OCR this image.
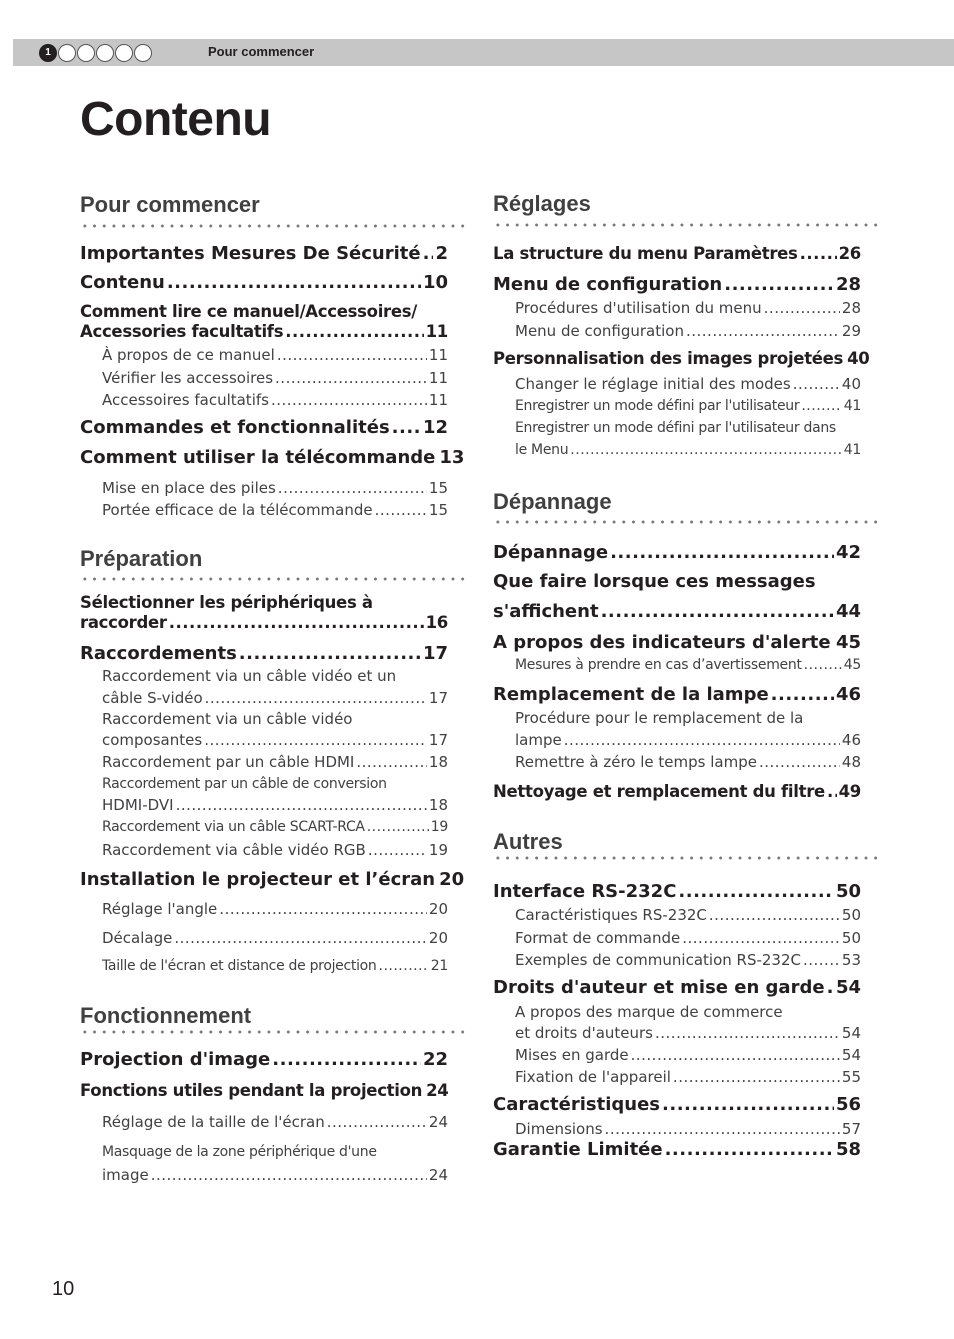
1	Pour commencer
Contenu
Pour commencer
Importantes Mesures De Sécurité ..... 2
Contenu .....	10
Comment lire ce manuel/Accessoires/
Accessories facultatifs .....	11
À propos de ce manuel .....	11
Vérifier les accessoires .....	11
Accessoires facultatifs .....	11
Commandes et fonctionnalités ..... 12
Comment utiliser la télécommande 13
Mise en place des piles .....	15
Portée efficace de la télécommande .....	15
Préparation
Sélectionner les périphériques à
raccorder .....	16
Raccordements .....	17
Raccordement via un câble vidéo et un
câble S-vidéo .....	17
Raccordement via un câble vidéo
composantes .....	17
Raccordement par un câble HDMI .....	18
Raccordement par un câble de conversion
HDMI-DVI .....	18
Raccordement via un câble SCART-RCA .....	19
Raccordement via câble vidéo RGB .....	19
Installation le projecteur et l’écran 20
Réglage l'angle .....	20
Décalage .....	20
Taille de l'écran et distance de projection .....	21
Fonctionnement
Projection d'image .....	22
Fonctions utiles pendant la projection 24
Réglage de la taille de l'écran .....	24
Masquage de la zone périphérique d'une
image .....	24
Réglages
La structure du menu Paramètres ..... 26
Menu de configuration .....	28
Procédures d'utilisation du menu .....	28
Menu de configuration .....	29
Personnalisation des images projetées 40
Changer le réglage initial des modes .....	40
Enregistrer un mode défini par l'utilisateur .....	41
Enregistrer un mode défini par l'utilisateur dans
le Menu .....	41
Dépannage
Dépannage .....	42
Que faire lorsque ces messages
s'affichent .....	44
A propos des indicateurs d'alerte ..... 45
Mesures à prendre en cas d’avertissement .....	45
Remplacement de la lampe .....	46
Procédure pour le remplacement de la
lampe .....	46
Remettre à zéro le temps lampe .....	48
Nettoyage et remplacement du filtre ..... 49
Autres
Interface RS-232C .....	50
Caractéristiques RS-232C .....	50
Format de commande .....	50
Exemples de communication RS-232C .....	53
Droits d'auteur et mise en garde ..... 54
A propos des marque de commerce
et droits d'auteurs .....	54
Mises en garde .....	54
Fixation de l'appareil .....	55
Caractéristiques .....	56
Dimensions .....	57
Garantie Limitée .....	58
10
